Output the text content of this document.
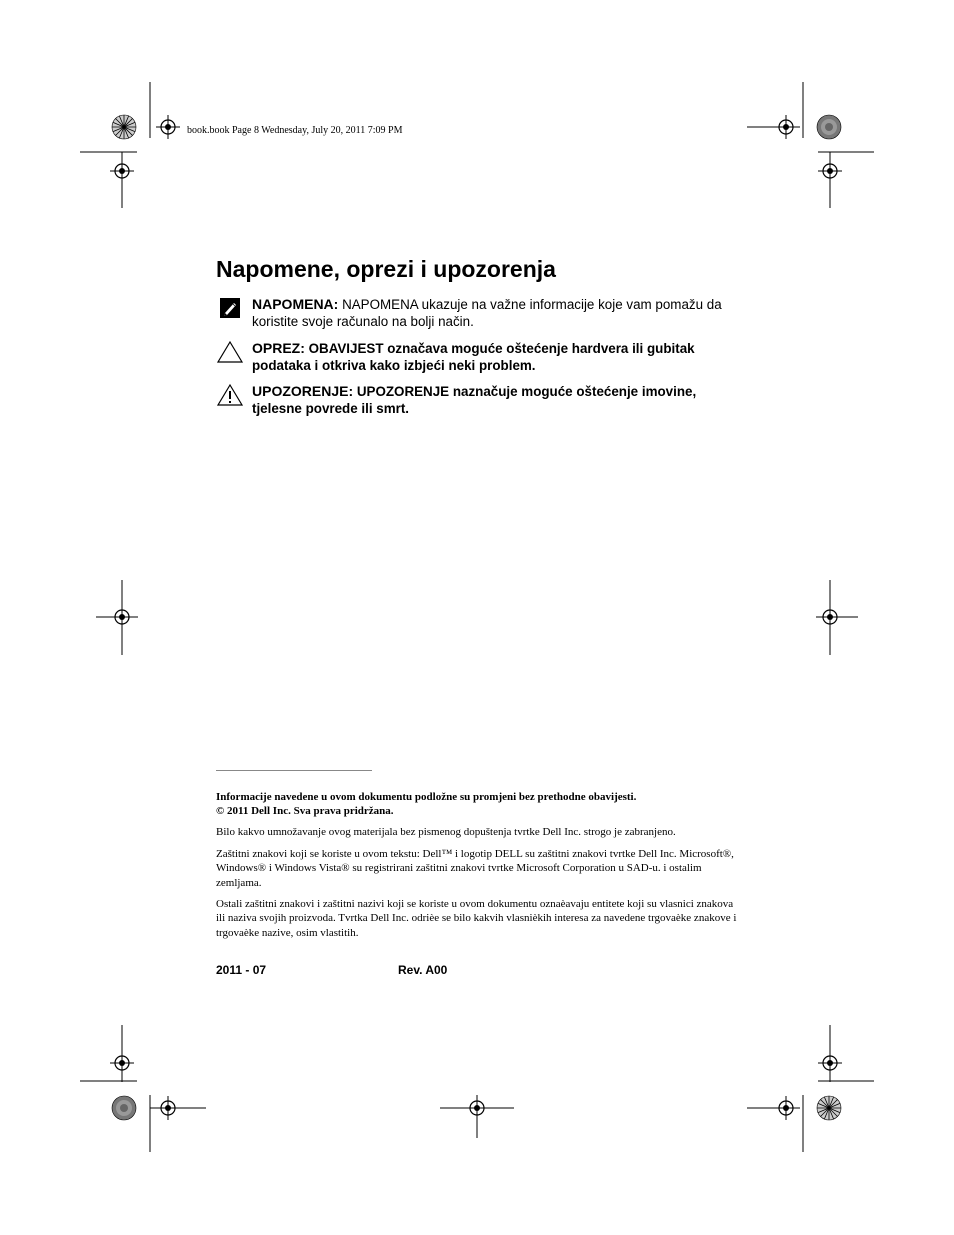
book.book Page 8 Wednesday, July 20, 2011 7:09 PM
Napomene, oprezi i upozorenja
NAPOMENA: NAPOMENA ukazuje na važne informacije koje vam pomažu da koristite svoje računalo na bolji način.
OPREZ: OBAVIJEST označava moguće oštećenje hardvera ili gubitak podataka i otkriva kako izbjeći neki problem.
UPOZORENJE: UPOZORENJE naznačuje moguće oštećenje imovine, tjelesne povrede ili smrt.

Informacije navedene u ovom dokumentu podložne su promjeni bez prethodne obavijesti.

© 2011 Dell Inc. Sva prava pridržana.

Bilo kakvo umnožavanje ovog materijala bez pismenog dopuštenja tvrtke Dell Inc. strogo je zabranjeno.

Zaštitni znakovi koji se koriste u ovom tekstu: Dell™ i logotip DELL su zaštitni znakovi tvrtke Dell Inc. Microsoft®, Windows® i Windows Vista® su registrirani zaštitni znakovi tvrtke Microsoft Corporation u SAD-u. i ostalim zemljama.

Ostali zaštitni znakovi i zaštitni nazivi koji se koriste u ovom dokumentu oznaèavaju entitete koji su vlasnici znakova ili naziva svojih proizvoda. Tvrtka Dell Inc. odrièe se bilo kakvih vlasnièkih interesa za navedene trgovaèke znakove i trgovaèke nazive, osim vlastitih.

2011 - 07	Rev. A00
